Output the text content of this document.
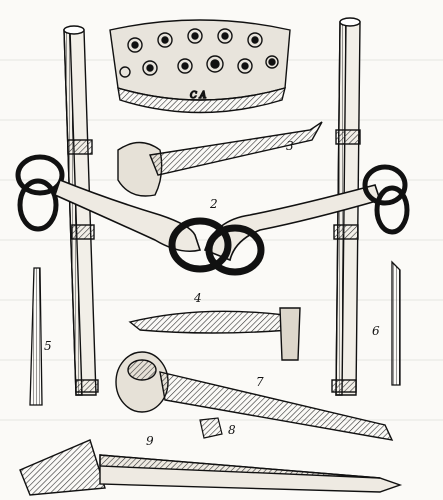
C A
2
3
4
5
6
7
8
9
